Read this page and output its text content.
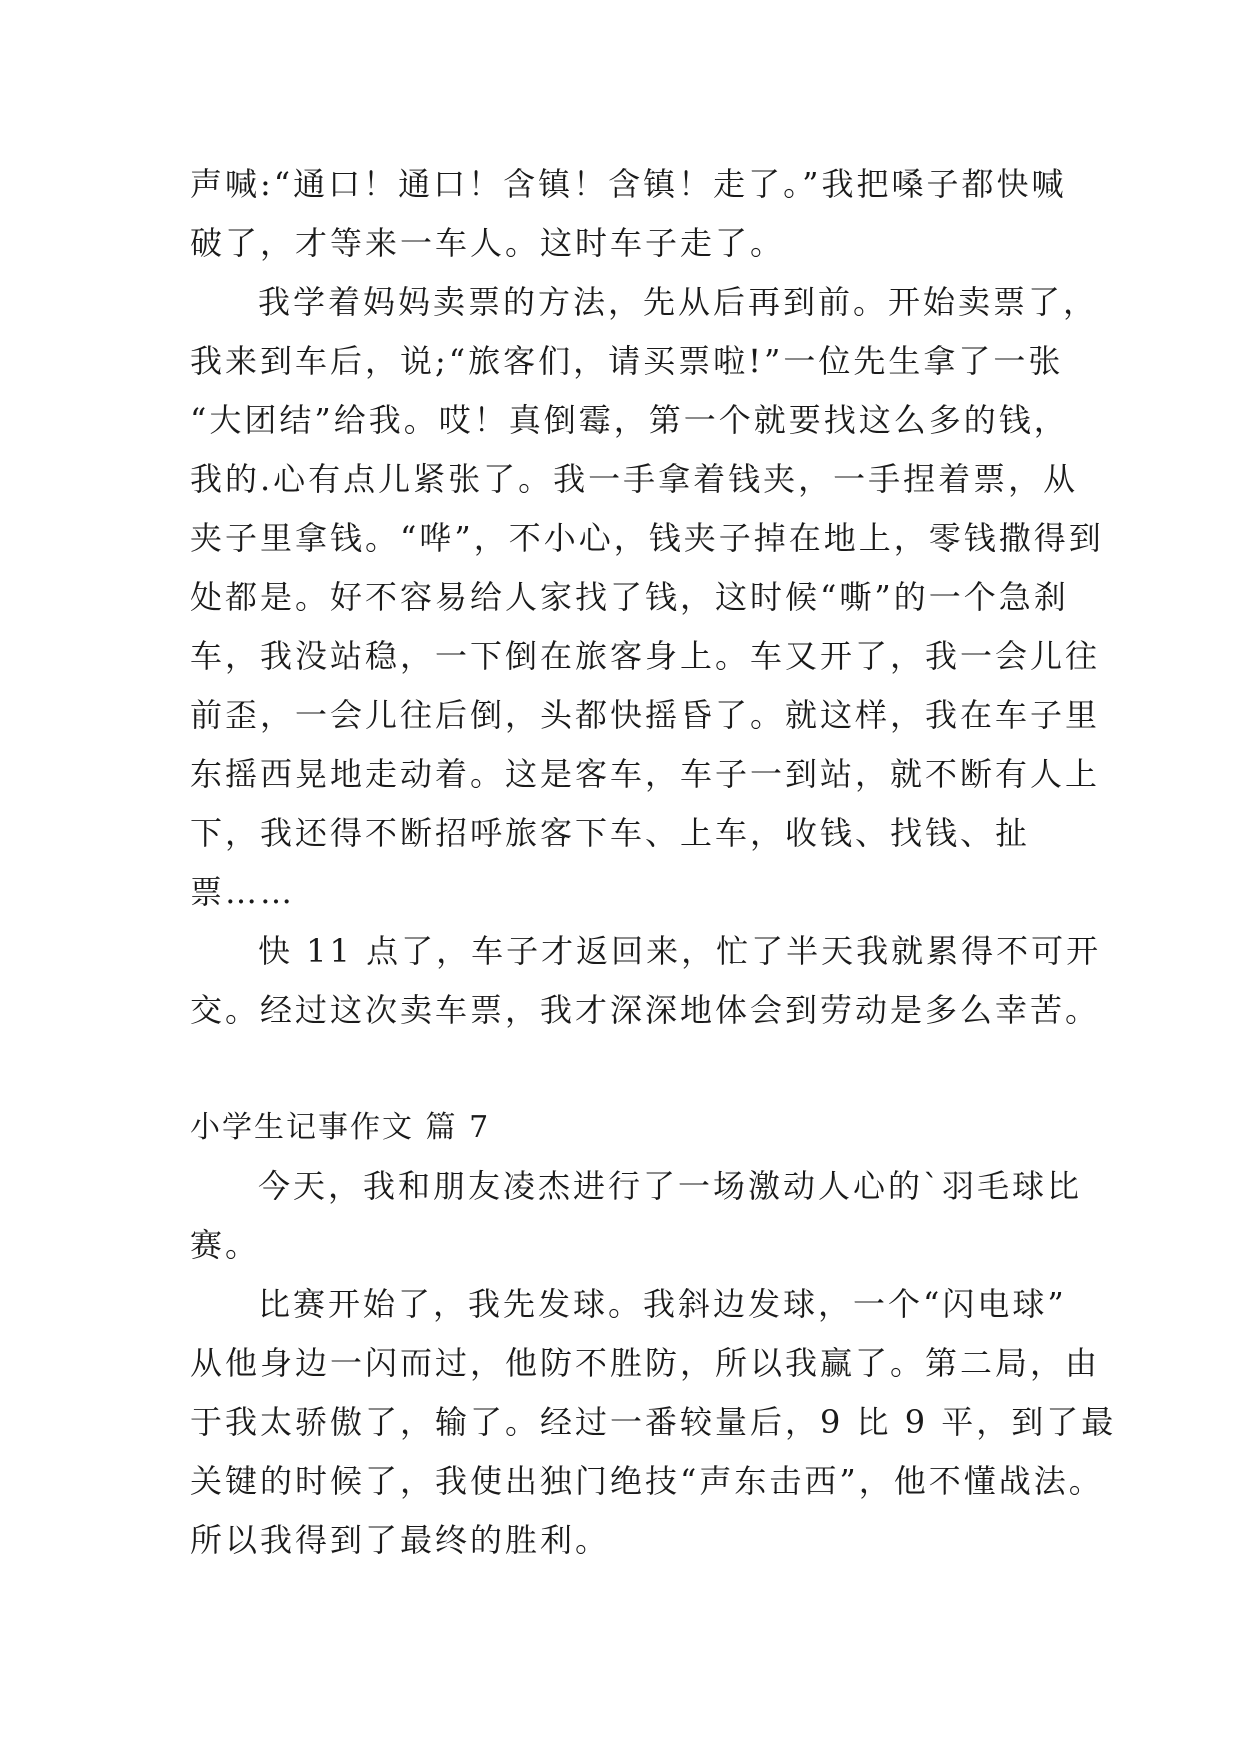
声喊:“通口！通口！含镇！含镇！走了。”我把嗓子都快喊
破了，才等来一车人。这时车子走了。
我学着妈妈卖票的方法，先从后再到前。开始卖票了，
我来到车后，说;“旅客们，请买票啦!”一位先生拿了一张
“大团结”给我。哎！真倒霉，第一个就要找这么多的钱，
我的.心有点儿紧张了。我一手拿着钱夹，一手捏着票，从
夹子里拿钱。“哗”，不小心，钱夹子掉在地上，零钱撒得到
处都是。好不容易给人家找了钱，这时候“嘶”的一个急刹
车，我没站稳，一下倒在旅客身上。车又开了，我一会儿往
前歪，一会儿往后倒，头都快摇昏了。就这样，我在车子里
东摇西晃地走动着。这是客车，车子一到站，就不断有人上
下，我还得不断招呼旅客下车、上车，收钱、找钱、扯
票……
快 11 点了，车子才返回来，忙了半天我就累得不可开
交。经过这次卖车票，我才深深地体会到劳动是多么幸苦。
小学生记事作文 篇 7
今天，我和朋友凌杰进行了一场激动人心的`羽毛球比
赛。
比赛开始了，我先发球。我斜边发球，一个“闪电球”
从他身边一闪而过，他防不胜防，所以我赢了。第二局，由
于我太骄傲了，输了。经过一番较量后，9 比 9 平，到了最
关键的时候了，我使出独门绝技“声东击西”，他不懂战法。
所以我得到了最终的胜利。
